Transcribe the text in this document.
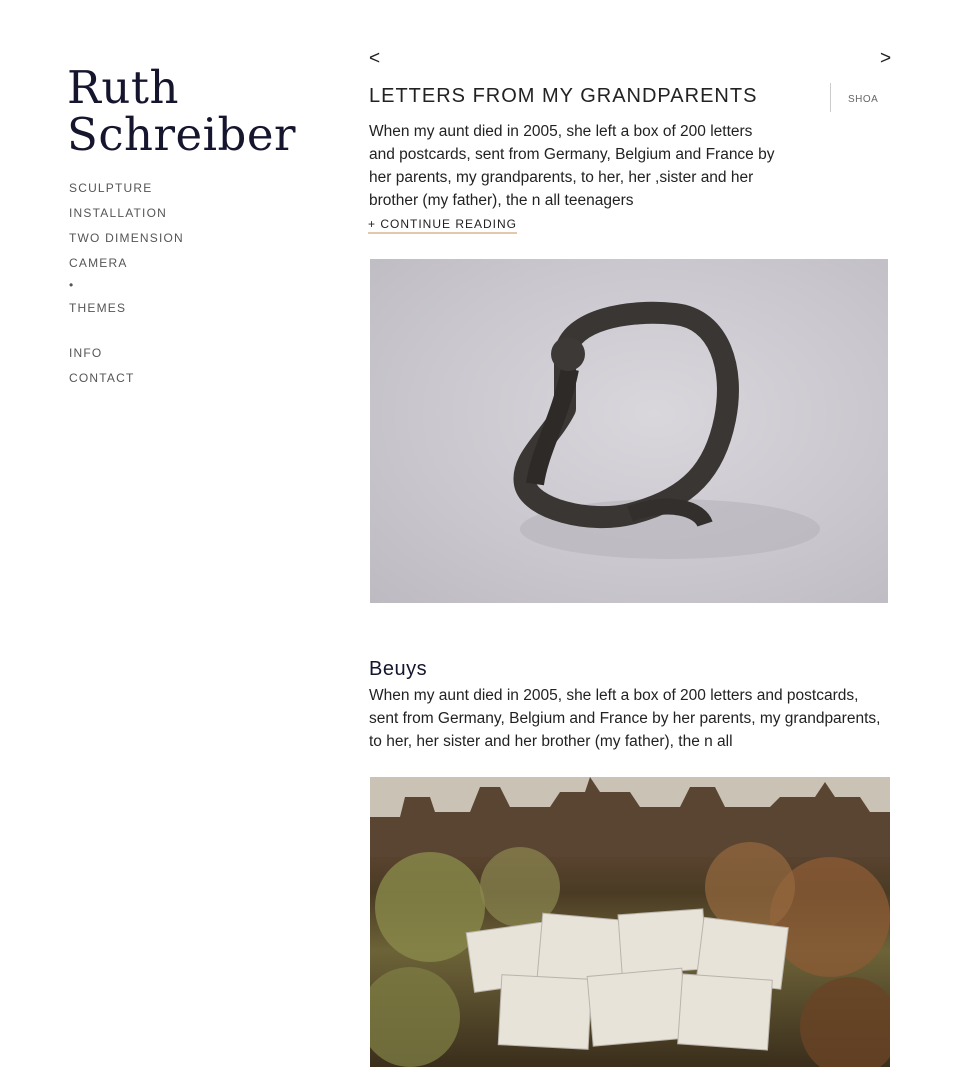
Ruth
Schreiber
SCULPTURE
INSTALLATION
TWO DIMENSION
CAMERA
•
THEMES
INFO
CONTACT
<	>
LETTERS FROM MY GRANDPARENTS	SHOA
When my aunt died in 2005, she left a box of 200 letters and postcards, sent from Germany, Belgium and France by her parents, my grandparents, to her, her ,sister and her brother (my father), the n all teenagers
+ CONTINUE READING
Beuys
When my aunt died in 2005, she left a box of 200 letters and postcards, sent from Germany, Belgium and France by her parents, my grandparents, to her, her sister and her brother (my father), the n all
